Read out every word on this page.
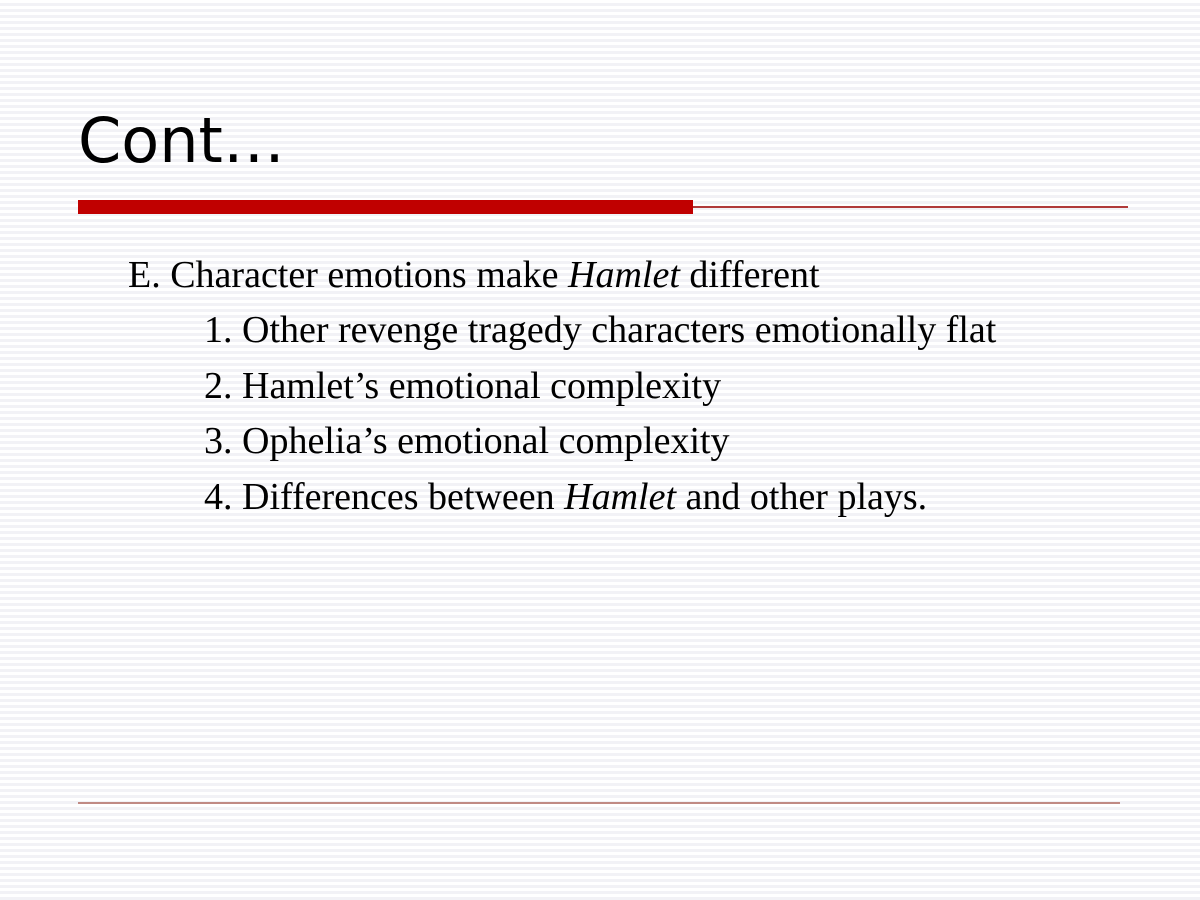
Cont…
E. Character emotions make Hamlet different
1. Other revenge tragedy characters emotionally flat
2. Hamlet’s emotional complexity
3. Ophelia’s emotional complexity
4. Differences between Hamlet and other plays.
